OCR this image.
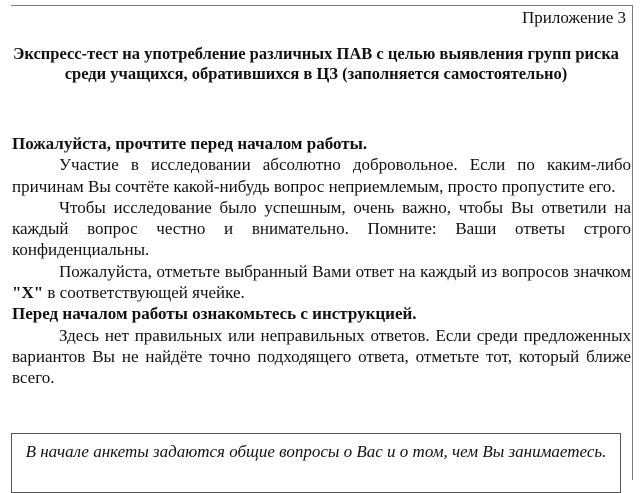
Приложение 3
Экспресс-тест на употребление различных ПАВ с целью выявления групп риска среди учащихся, обратившихся в ЦЗ (заполняется самостоятельно)

Пожалуйста, прочтите перед началом работы.

Участие в исследовании абсолютно добровольное. Если по каким-либо причинам Вы сочтёте какой-нибудь вопрос неприемлемым, просто пропустите его.

Чтобы исследование было успешным, очень важно, чтобы Вы ответили на каждый вопрос честно и внимательно. Помните: Ваши ответы строго конфиденциальны.

Пожалуйста, отметьте выбранный Вами ответ на каждый из вопросов значком "X" в соответствующей ячейке.

Перед началом работы ознакомьтесь с инструкцией.

Здесь нет правильных или неправильных ответов. Если среди предложенных вариантов Вы не найдёте точно подходящего ответа, отметьте тот, который ближе всего.

В начале анкеты задаются общие вопросы о Вас и о том, чем Вы занимаетесь.
